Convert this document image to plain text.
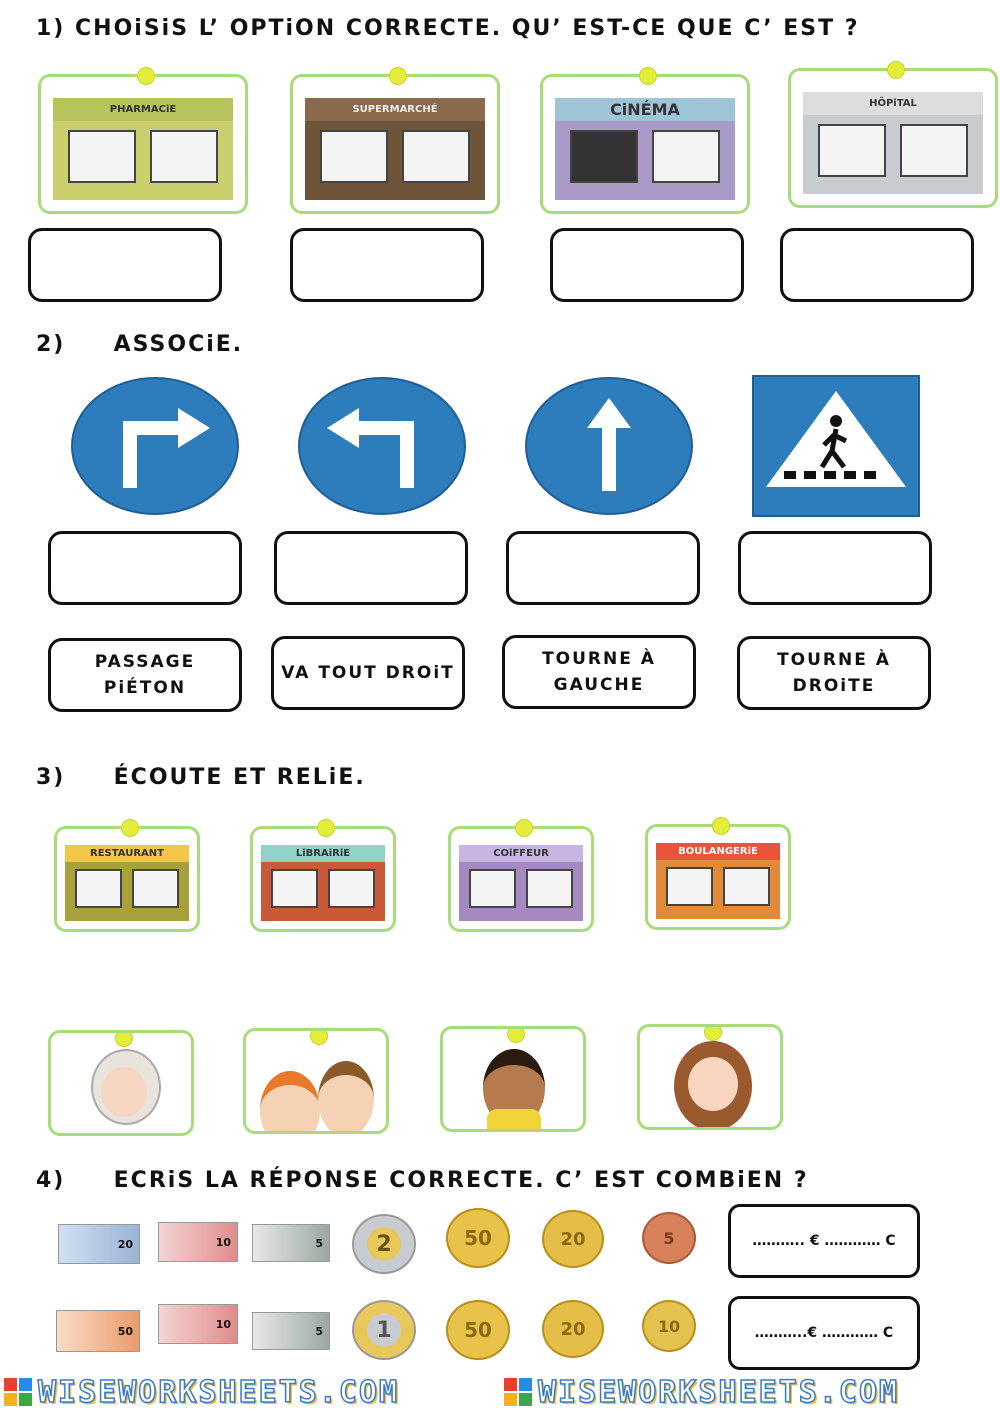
1) CHOiSiS L’ OPTiON CORRECTE. QU’ EST-CE QUE C’ EST ?
PHARMACiE	SUPERMARCHÉ	CiNÉMA	HÔPiTAL
2)     ASSOCiE.
PASSAGE
PiÉTON
VA TOUT DROiT
TOURNE À
GAUCHE
TOURNE À
DROiTE
3)     ÉCOUTE ET RELiE.
RESTAURANT	LiBRAiRiE	COiFFEUR	BOULANGERiE
4)     ECRiS LA RÉPONSE CORRECTE. C’ EST COMBiEN ?
20	10	5	2	50	20	5	……….. € ………… C
50
10
5	1	50	20	10	………..€ ………… C
WISEWORKSHEETS.COM	WISEWORKSHEETS.COM
